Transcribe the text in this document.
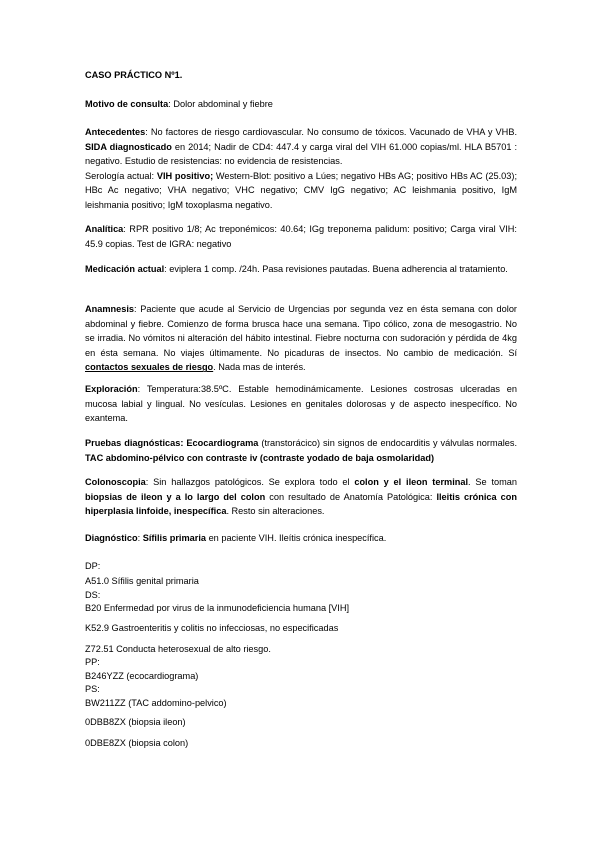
CASO PRÁCTICO Nº1.

Motivo de consulta: Dolor abdominal y fiebre

Antecedentes: No factores de riesgo cardiovascular. No consumo de tóxicos. Vacunado de VHA y VHB. SIDA diagnosticado en 2014; Nadir de CD4: 447.4 y carga viral del VIH 61.000 copias/ml. HLA B5701 : negativo. Estudio de resistencias: no evidencia de resistencias.
Serología actual: VIH positivo; Western-Blot: positivo a Lúes; negativo HBs AG; positivo HBs AC (25.03); HBc Ac negativo; VHA negativo; VHC negativo; CMV IgG negativo; AC leishmania positivo, IgM leishmania positivo; IgM toxoplasma negativo.

Analítica: RPR positivo 1/8; Ac treponémicos: 40.64; IGg treponema palidum: positivo; Carga viral VIH: 45.9 copias. Test de IGRA: negativo

Medicación actual: eviplera 1 comp. /24h. Pasa revisiones pautadas. Buena adherencia al tratamiento.

Anamnesis: Paciente que acude al Servicio de Urgencias por segunda vez en ésta semana con dolor abdominal y fiebre. Comienzo de forma brusca hace una semana. Tipo cólico, zona de mesogastrio. No se irradia. No vómitos ni alteración del hábito intestinal. Fiebre nocturna con sudoración y pérdida de 4kg en ésta semana. No viajes últimamente. No picaduras de insectos. No cambio de medicación. Sí contactos sexuales de riesgo. Nada mas de interés.

Exploración: Temperatura:38.5ºC. Estable hemodinámicamente. Lesiones costrosas ulceradas en mucosa labial y lingual. No vesículas. Lesiones en genitales dolorosas y de aspecto inespecífico. No exantema.

Pruebas diagnósticas: Ecocardiograma (transtorácico) sin signos de endocarditis y válvulas normales. TAC abdomino-pélvico con contraste iv (contraste yodado de baja osmolaridad)

Colonoscopia: Sin hallazgos patológicos. Se explora todo el colon y el ileon terminal. Se toman biopsias de ileon y a lo largo del colon con resultado de Anatomía Patológica: Ileitis crónica con hiperplasia linfoide, inespecífica. Resto sin alteraciones.

Diagnóstico: Sífilis primaria en paciente VIH. Ileítis crónica inespecífica.

DP:
A51.0 Sífilis genital primaria
DS:
B20 Enfermedad por virus de la inmunodeficiencia humana [VIH]
K52.9 Gastroenteritis y colitis no infecciosas, no especificadas
Z72.51 Conducta heterosexual de alto riesgo.
PP:
B246YZZ (ecocardiograma)
PS:
BW211ZZ (TAC addomino-pelvico)
0DBB8ZX (biopsia ileon)
0DBE8ZX (biopsia colon)
